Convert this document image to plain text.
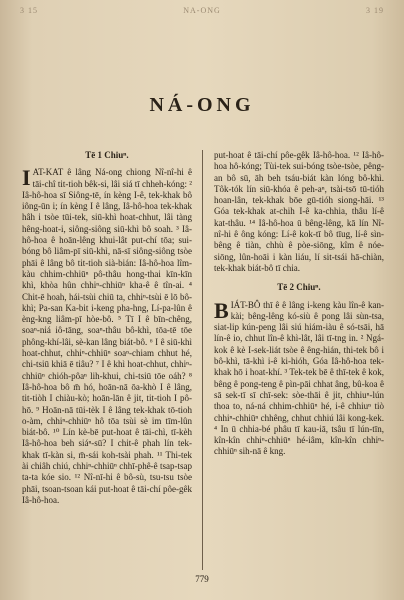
3 15	NA-ONG	3 19
NÁ-ONG
Tē 1 Chiuⁿ.
I AT-KAT ê lâng Ná-ong chiong Nî-nî-hi ê tāi-chî tit-tioh bêk-si, lâi siá tī chheh-kóng: ² Iâ-hô-hoa sī Siông-tē, ín kèng I-ê, tek-khak bô iông-ūn i; ín kèng I ê lâng, Iâ-hô-hoa tek-khak hâh i tsòe tūi-tek, siū-khì hoat-chhut, lâi tàng hêng-hoat-i, siông-siông siū-khì bô soah. ³ Iâ-hô-hoa ê hoān-lêng khui-lât put-chí tōa; sui-bóng bô liâm-pī siū-khì, nā-sī siông-siông tsòe phāi ê lâng bô tit-tioh sià-bián: Iâ-hô-hoa lîm-kàu chhim-chhiūⁿ pô-thâu hong-thai kīn-kīn khì, khòa hûn chhiⁿ-chhiūⁿ kha-ê ê tîn-ai. ⁴ Chit-ē hoah, hái-tsùi chiū ta, chhiⁿ-tsùi ē lō bô-khì; Pa-san Ka-bit i-keng pha-hng, Lí-pa-lûn ê èng-kng liâm-pī hòe-bô. ⁵ Tī I ê bīn-chêng, soaⁿ-niá iô-tāng, soaⁿ-thâu bô-khì, tōa-tē tōe phông-khí-lâi, sè-kan lâng biát-bô. ⁶ I ê siū-khì hoat-chhut, chhiⁿ-chhiūⁿ soaⁿ-chiam chhut hé, chi-tsiū khiā ē tiâu? ⁷ I ê khì hoat-chhut, chhiⁿ-chhiūⁿ chióh-pôaⁿ lih-khui, chi-tsiū tōe oáh? ⁸ Iâ-hô-hoa bô m̄ hó, hoān-nā ōa-khò I ê lâng, tit-tiòh I chiàu-kò; hoān-lān ê jit, tit-tioh I pô-hō. ⁹ Hoān-nā tūi-tèk I ê lâng tek-khak tō-tioh o-àm, chhiⁿ-chhiūⁿ hô tōa tsùi sè im tīm-lûn biát-bô. ¹⁰ Lín kè-bē put-hoat ê tāi-chì, tī-kèh Iâ-hô-hoa beh siáⁿ-sū? I chit-ê phah lín tek-khak tī-kàn si, m̄-sái koh-tsài phah. ¹¹ Thi-tek ài chiâh chiú, chhiⁿ-chhiūⁿ chhī-phê-ê tsap-tsap ta-ta kóe sio. ¹² Nî-nī-hi ê bô-sù, tsu-tsu tsòe phāi, tsoan-tsoan kái put-hoat ê tāi-chí pôe-gêk Iâ-hô-hoa.
put-hoat ê tāi-chí pôe-gêk Iâ-hô-hoa. ¹² Iâ-hô-hoa hô-kóng; Tùi-tek sui-bóng tsòe-tsòe, pêng-an bô sū, āh beh tsáu-biát kàn lóng bô-khì. Tôk-tók lín siū-khóa ê peh-aⁿ, tsài-tsō tū-tióh hoan-lân, tek-khak bōe gū-tióh siong-hāi. ¹³ Góa tek-khak at-chih I-ê ka-chhia, thâu lí-ê kat-thâu. ¹⁴ Iâ-hô-hoa ū bêng-lêng, kā lín Nî-nî-hi ê ông kóng: Lí-ê kok-tī bô tīug, lí-ê sìn-bêng ê tiàn, chhù ê pòe-siōng, kîm ê nóe-siōng, lûn-hoāi i kàn liáu, lí sit-tsái hā-chiàn, tek-khak biát-bô tī chia.
Tē 2 Chiuⁿ.
B IÁT-BÔ thī ê ê lâng i-keng kàu lîn-ê kan-kài; bêng-lêng kó-siù ê pong lâi sùn-tsa, siat-lip kún-peng lâi siú hiám-iàu ê só-tsāi, hā lín-ê io, chhut lîn-ê khì-lât, lâi tī-tng in. ² Ngá-kok ê kè I-sek-liát tsòe ê êng-hián, thi-tek bô i bô-khì, tā-khì i-ê ki-hióh, Góa Iâ-hô-hoa tek-khak hō i hoat-khí. ³ Tek-tek bē ê thī-tek ê kok, bêng ê pong-teng ê pìn-pāi chhat âng, bû-koa ê sā sek-tī sī chī-sek: sòe-thāi ê jit, chhiuⁿ-lún thoa to, ná-ná chhim-chhiūⁿ hé, i-ê chhiuⁿ tiò chhiⁿ-chhiūⁿ chhêng, chhut chhiú lâi kong-kek. ⁴ In ū chhia-bé phâu tī kau-iā, tsâu tī lún-tīn, kîn-kîn chhiⁿ-chhiūⁿ hé-iâm, kîn-kîn chhiⁿ-chhiūⁿ sih-nā ê kng.
779
